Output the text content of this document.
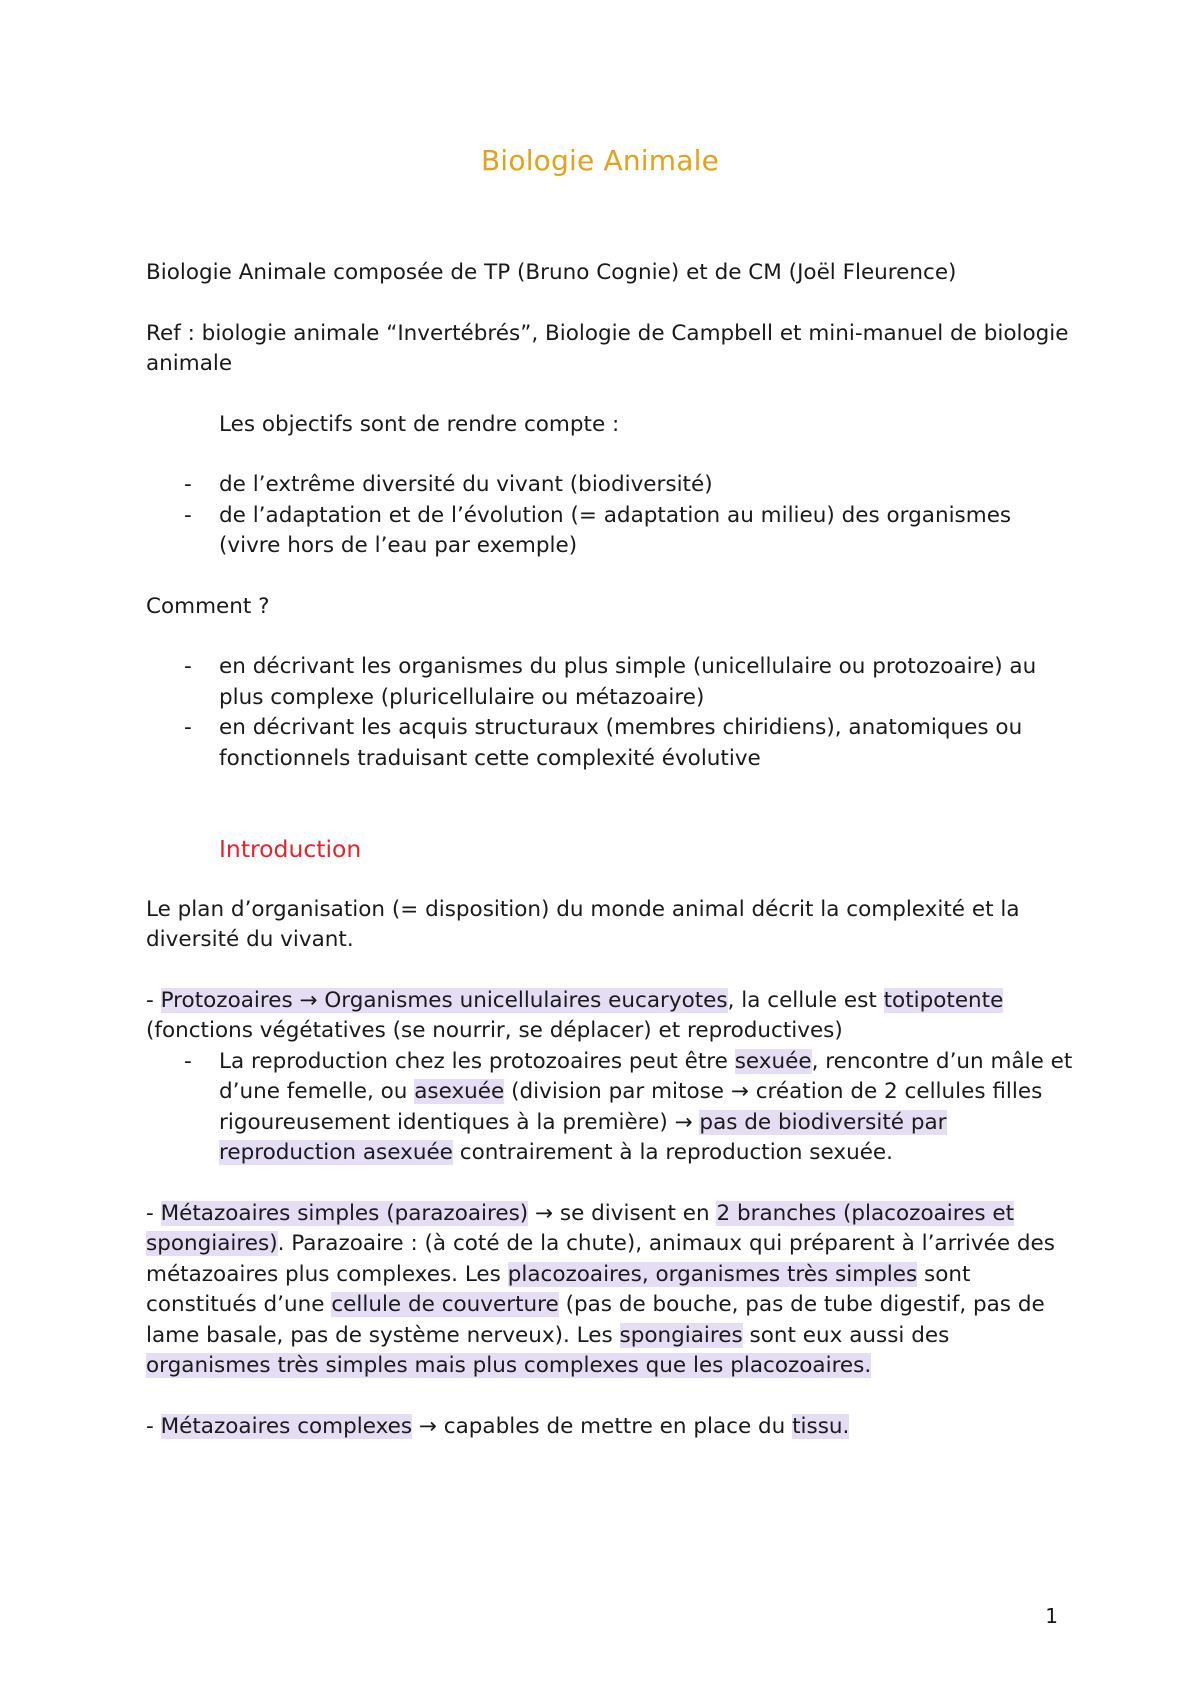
Biologie Animale

Biologie Animale composée de TP (Bruno Cognie) et de CM (Joël Fleurence)

Ref : biologie animale “Invertébrés”, Biologie de Campbell et mini-manuel de biologie animale

Les objectifs sont de rendre compte :

- de l’extrême diversité du vivant (biodiversité)
- de l’adaptation et de l’évolution (= adaptation au milieu) des organismes (vivre hors de l’eau par exemple)

Comment ?

- en décrivant les organismes du plus simple (unicellulaire ou protozoaire) au plus complexe (pluricellulaire ou métazoaire)
- en décrivant les acquis structuraux (membres chiridiens), anatomiques ou fonctionnels traduisant cette complexité évolutive

Introduction

Le plan d’organisation (= disposition) du monde animal décrit la complexité et la diversité du vivant.

- Protozoaires → Organismes unicellulaires eucaryotes, la cellule est totipotente (fonctions végétatives (se nourrir, se déplacer) et reproductives)

- La reproduction chez les protozoaires peut être sexuée, rencontre d’un mâle et d’une femelle, ou asexuée (division par mitose → création de 2 cellules filles rigoureusement identiques à la première) → pas de biodiversité par reproduction asexuée contrairement à la reproduction sexuée.

- Métazoaires simples (parazoaires) → se divisent en 2 branches (placozoaires et spongiaires). Parazoaire : (à coté de la chute), animaux qui préparent à l’arrivée des métazoaires plus complexes. Les placozoaires, organismes très simples sont constitués d’une cellule de couverture (pas de bouche, pas de tube digestif, pas de lame basale, pas de système nerveux). Les spongiaires sont eux aussi des organismes très simples mais plus complexes que les placozoaires.

- Métazoaires complexes → capables de mettre en place du tissu.

1
